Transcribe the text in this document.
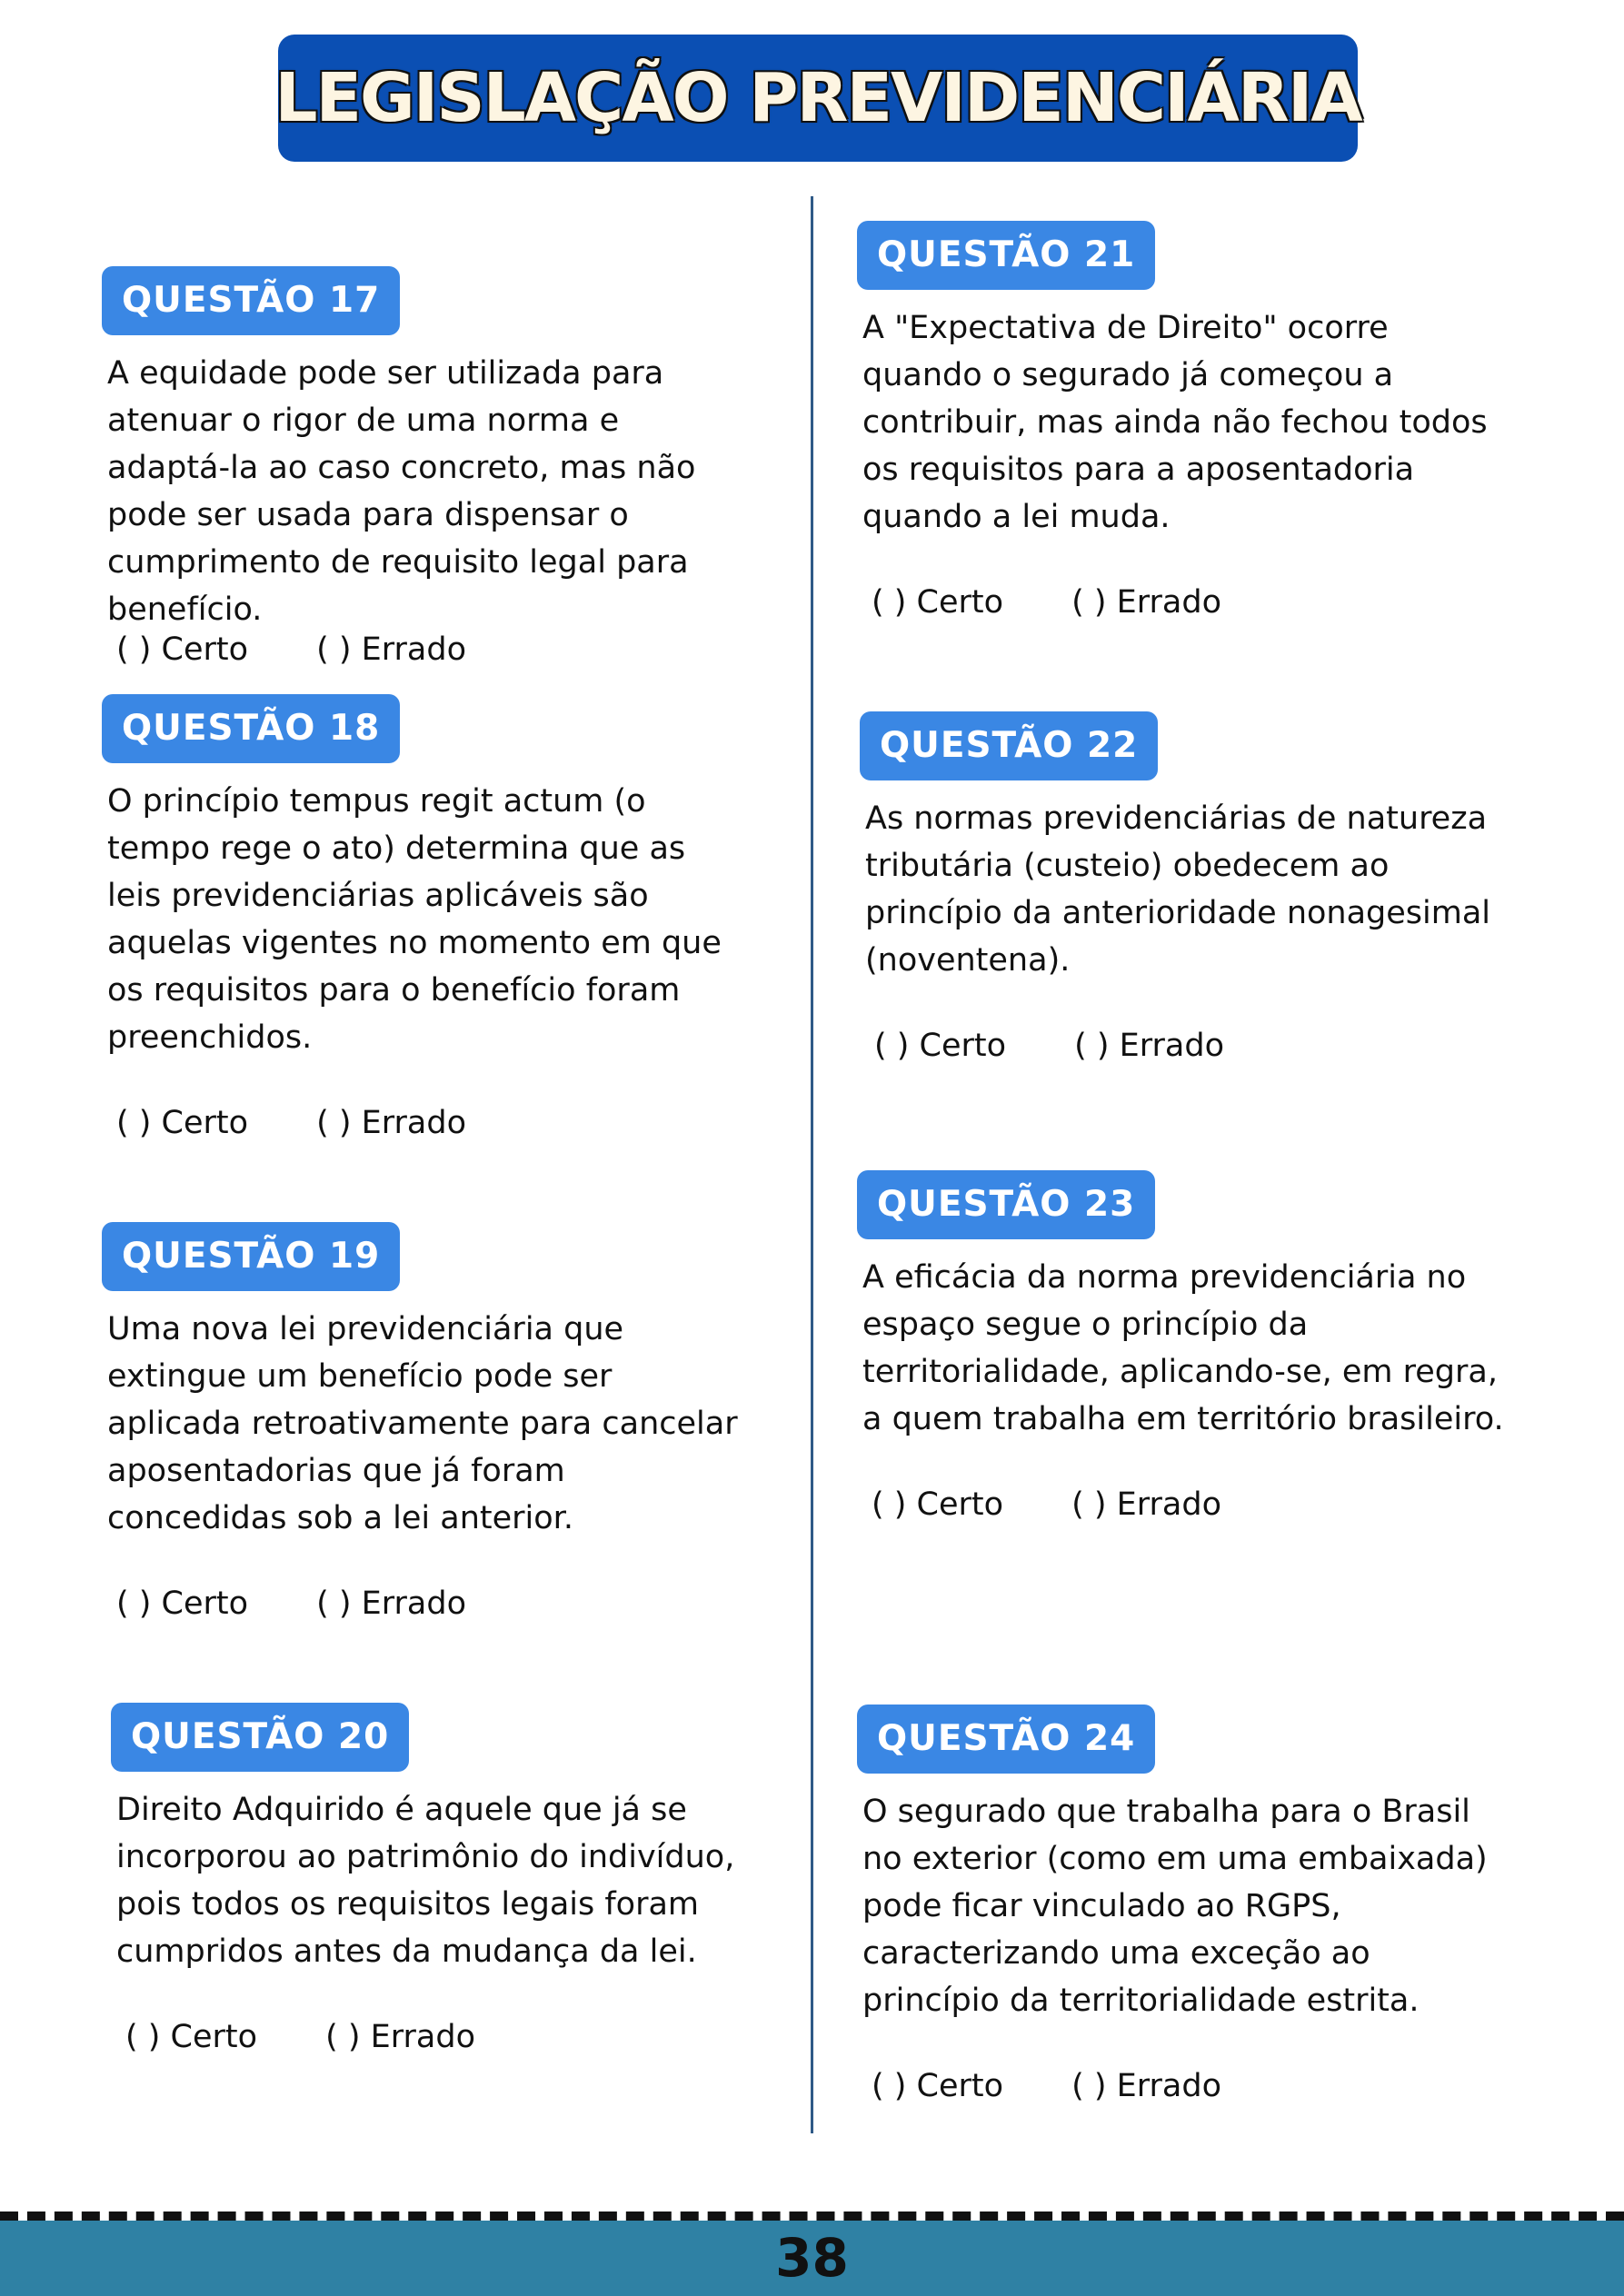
LEGISLAÇÃO PREVIDENCIÁRIA
QUESTÃO 17
A equidade pode ser utilizada para atenuar o rigor de uma norma e adaptá-la ao caso concreto, mas não pode ser usada para dispensar o cumprimento de requisito legal para benefício.
( ) Certo ( ) Errado
QUESTÃO 18
O princípio tempus regit actum (o tempo rege o ato) determina que as leis previdenciárias aplicáveis são aquelas vigentes no momento em que os requisitos para o benefício foram preenchidos.
( ) Certo ( ) Errado
QUESTÃO 19
Uma nova lei previdenciária que extingue um benefício pode ser aplicada retroativamente para cancelar aposentadorias que já foram concedidas sob a lei anterior.
( ) Certo ( ) Errado
QUESTÃO 20
Direito Adquirido é aquele que já se incorporou ao patrimônio do indivíduo, pois todos os requisitos legais foram cumpridos antes da mudança da lei.
( ) Certo ( ) Errado
QUESTÃO 21
A "Expectativa de Direito" ocorre quando o segurado já começou a contribuir, mas ainda não fechou todos os requisitos para a aposentadoria quando a lei muda.
( ) Certo ( ) Errado
QUESTÃO 22
As normas previdenciárias de natureza tributária (custeio) obedecem ao princípio da anterioridade nonagesimal (noventena).
( ) Certo ( ) Errado
QUESTÃO 23
A eficácia da norma previdenciária no espaço segue o princípio da territorialidade, aplicando-se, em regra, a quem trabalha em território brasileiro.
( ) Certo ( ) Errado
QUESTÃO 24
O segurado que trabalha para o Brasil no exterior (como em uma embaixada) pode ficar vinculado ao RGPS, caracterizando uma exceção ao princípio da territorialidade estrita.
( ) Certo ( ) Errado
38
